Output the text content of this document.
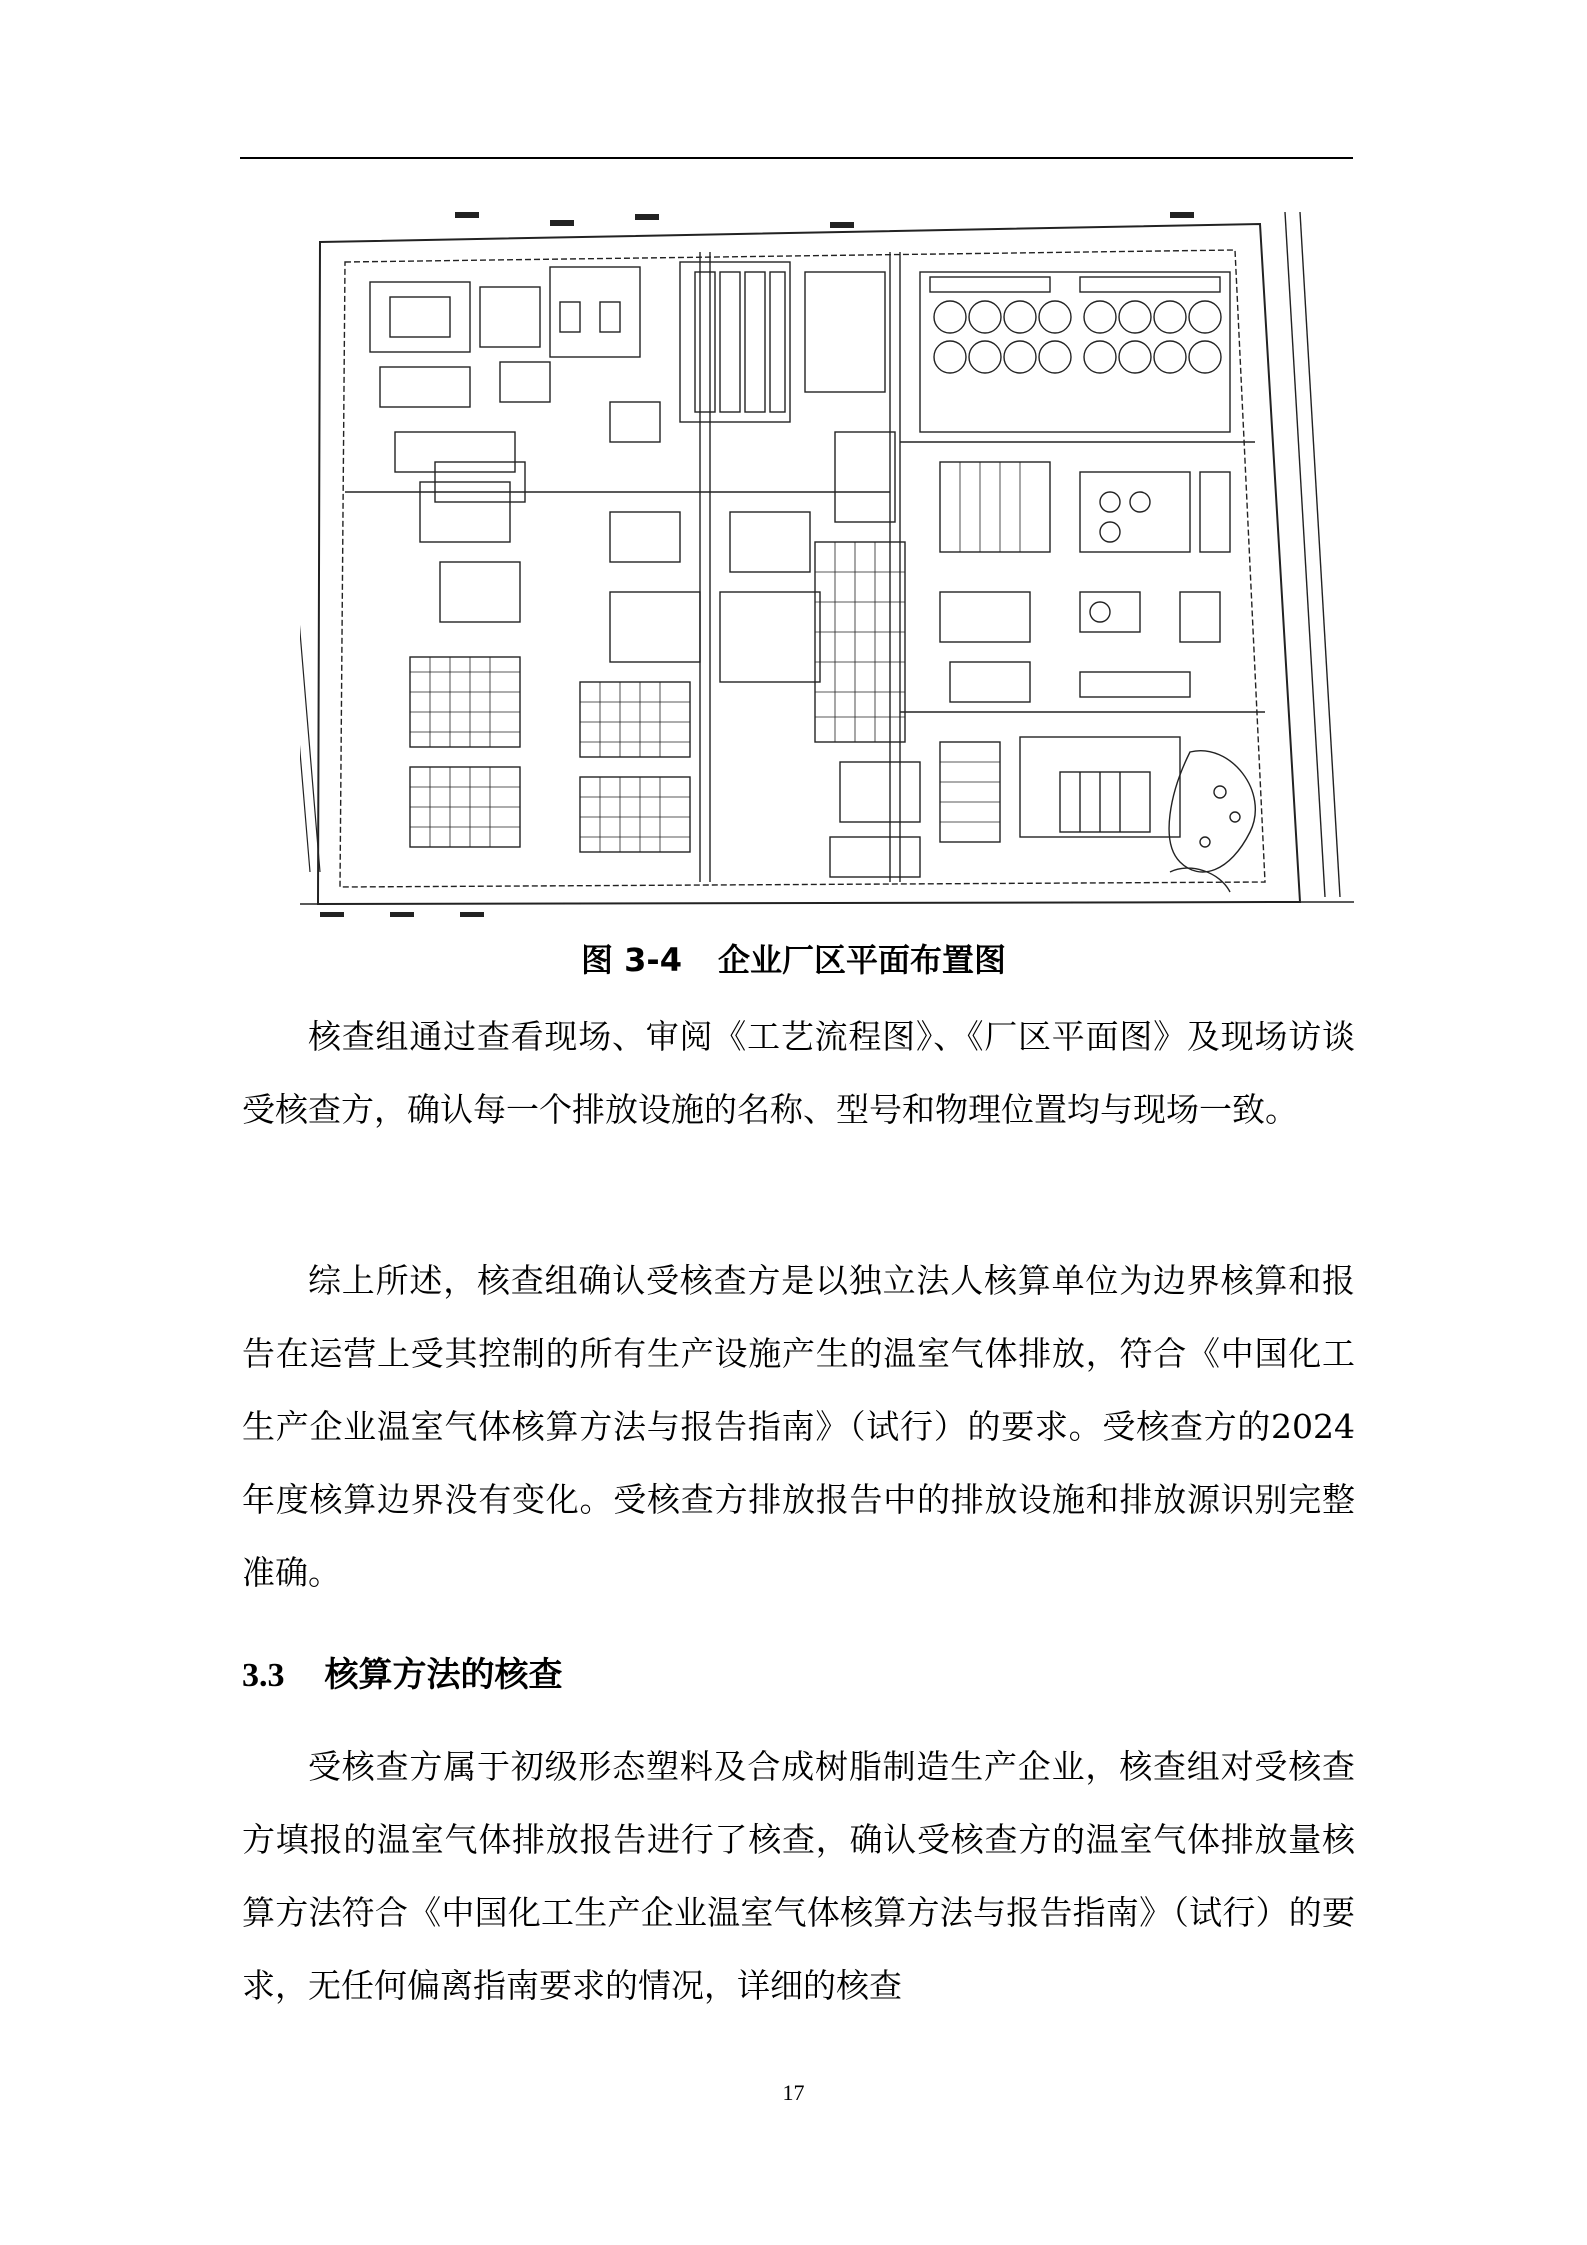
图 3-4 企业厂区平面布置图

核查组通过查看现场、审阅《工艺流程图》、《厂区平面图》及现场访谈受核查方，确认每一个排放设施的名称、型号和物理位置均与现场一致。

综上所述，核查组确认受核查方是以独立法人核算单位为边界核算和报告在运营上受其控制的所有生产设施产生的温室气体排放，符合《中国化工生产企业温室气体核算方法与报告指南》（试行）的要求。受核查方的2024年度核算边界没有变化。受核查方排放报告中的排放设施和排放源识别完整准确。

3.3 核算方法的核查

受核查方属于初级形态塑料及合成树脂制造生产企业，核查组对受核查方填报的温室气体排放报告进行了核查，确认受核查方的温室气体排放量核算方法符合《中国化工生产企业温室气体核算方法与报告指南》（试行）的要求，无任何偏离指南要求的情况，详细的核查

17
